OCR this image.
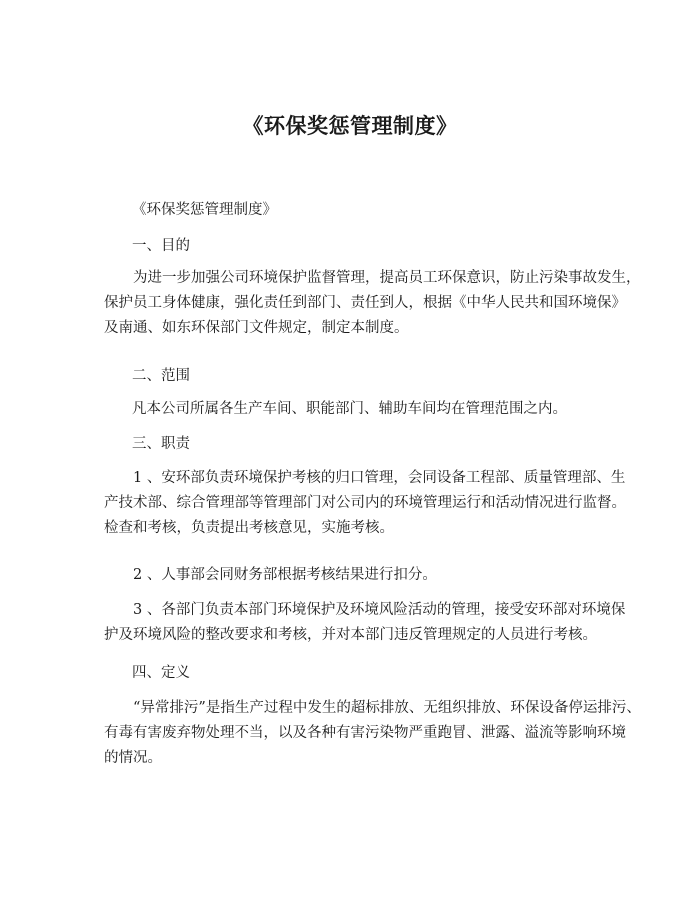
《环保奖惩管理制度》

《环保奖惩管理制度》

一、目的

为进一步加强公司环境保护监督管理，提高员工环保意识，防止污染事故发生，
保护员工身体健康，强化责任到部门、责任到人，根据《中华人民共和国环境保》
及南通、如东环保部门文件规定，制定本制度。

二、范围

凡本公司所属各生产车间、职能部门、辅助车间均在管理范围之内。

三、职责

1 、安环部负责环境保护考核的归口管理，会同设备工程部、质量管理部、生
产技术部、综合管理部等管理部门对公司内的环境管理运行和活动情况进行监督。
检查和考核，负责提出考核意见，实施考核。

2 、人事部会同财务部根据考核结果进行扣分。

3 、各部门负责本部门环境保护及环境风险活动的管理，接受安环部对环境保
护及环境风险的整改要求和考核，并对本部门违反管理规定的人员进行考核。

四、定义

“异常排污”是指生产过程中发生的超标排放、无组织排放、环保设备停运排污、
有毒有害废弃物处理不当，以及各种有害污染物严重跑冒、泄露、溢流等影响环境
的情况。
